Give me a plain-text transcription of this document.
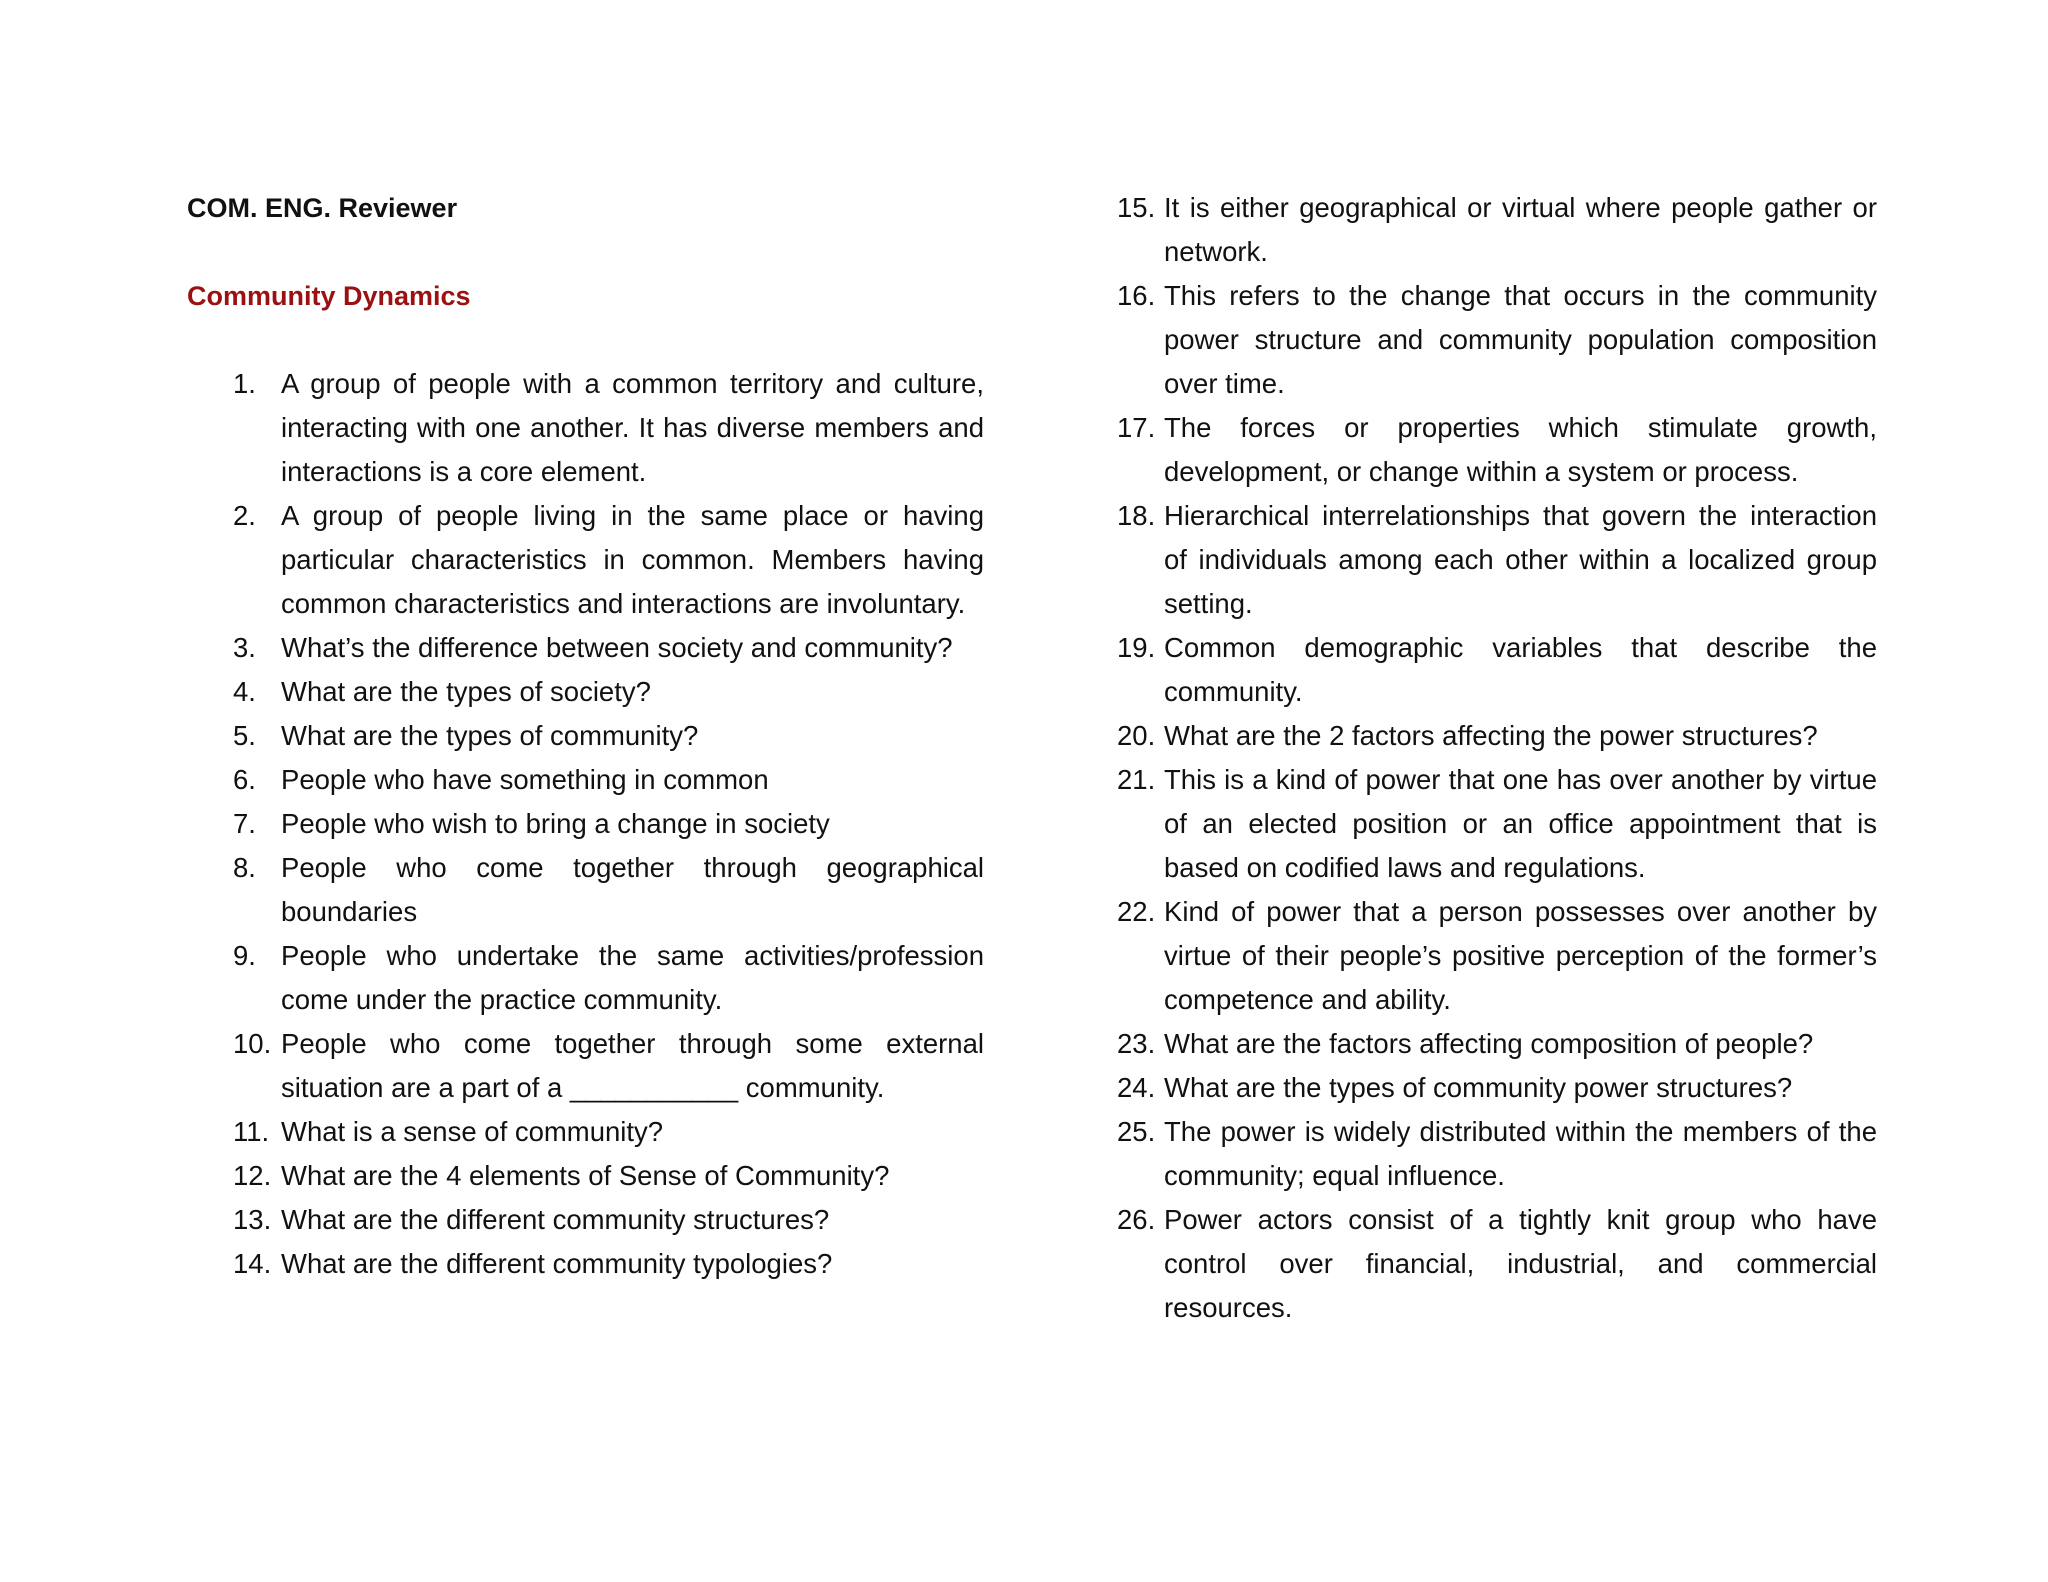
COM. ENG. Reviewer

Community Dynamics

1. A group of people with a common territory and culture, interacting with one another. It has diverse members and interactions is a core element.
2. A group of people living in the same place or having particular characteristics in common. Members having common characteristics and interactions are involuntary.
3. What’s the difference between society and community?
4. What are the types of society?
5. What are the types of community?
6. People who have something in common
7. People who wish to bring a change in society
8. People who come together through geographical boundaries
9. People who undertake the same activities/profession come under the practice community.
10. People who come together through some external situation are a part of a ___________ community.
11. What is a sense of community?
12. What are the 4 elements of Sense of Community?
13. What are the different community structures?
14. What are the different community typologies?
15. It is either geographical or virtual where people gather or network.
16. This refers to the change that occurs in the community power structure and community population composition over time.
17. The forces or properties which stimulate growth, development, or change within a system or process.
18. Hierarchical interrelationships that govern the interaction of individuals among each other within a localized group setting.
19. Common demographic variables that describe the community.
20. What are the 2 factors affecting the power structures?
21. This is a kind of power that one has over another by virtue of an elected position or an office appointment that is based on codified laws and regulations.
22. Kind of power that a person possesses over another by virtue of their people’s positive perception of the former’s competence and ability.
23. What are the factors affecting composition of people?
24. What are the types of community power structures?
25. The power is widely distributed within the members of the community; equal influence.
26. Power actors consist of a tightly knit group who have control over financial, industrial, and commercial resources.
